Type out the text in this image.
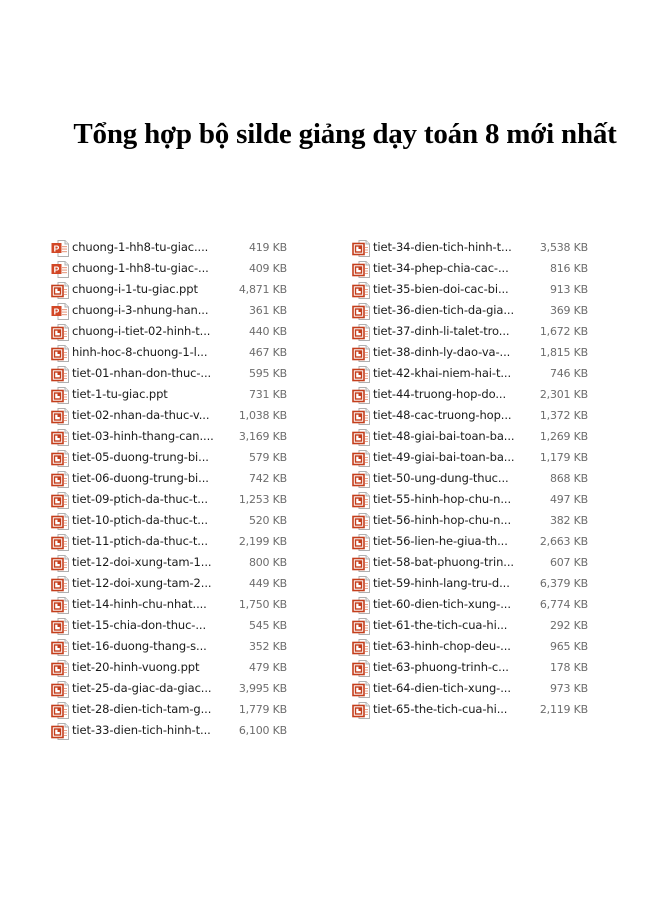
Tổng hợp bộ silde giảng dạy toán 8 mới nhất
P chuong-1-hh8-tu-giac....	419 KB
P chuong-1-hh8-tu-giac-...	409 KB
chuong-i-1-tu-giac.ppt	4,871 KB
P chuong-i-3-nhung-han...	361 KB
chuong-i-tiet-02-hinh-t...	440 KB
hinh-hoc-8-chuong-1-l...	467 KB
tiet-01-nhan-don-thuc-...	595 KB
tiet-1-tu-giac.ppt	731 KB
tiet-02-nhan-da-thuc-v...	1,038 KB
tiet-03-hinh-thang-can.... 3,169 KB
tiet-05-duong-trung-bi...	579 KB
tiet-06-duong-trung-bi...	742 KB
tiet-09-ptich-da-thuc-t...	1,253 KB
tiet-10-ptich-da-thuc-t...	520 KB
tiet-11-ptich-da-thuc-t...	2,199 KB
tiet-12-doi-xung-tam-1...	800 KB
tiet-12-doi-xung-tam-2...	449 KB
tiet-14-hinh-chu-nhat....	1,750 KB
tiet-15-chia-don-thuc-...	545 KB
tiet-16-duong-thang-s...	352 KB
tiet-20-hinh-vuong.ppt	479 KB
tiet-25-da-giac-da-giac... 3,995 KB
tiet-28-dien-tich-tam-g...	1,779 KB
tiet-33-dien-tich-hinh-t...	6,100 KB
tiet-34-dien-tich-hinh-t...	3,538 KB
tiet-34-phep-chia-cac-...	816 KB
tiet-35-bien-doi-cac-bi...	913 KB
tiet-36-dien-tich-da-gia...	369 KB
tiet-37-dinh-li-talet-tro...	1,672 KB
tiet-38-dinh-ly-dao-va-...	1,815 KB
tiet-42-khai-niem-hai-t...	746 KB
tiet-44-truong-hop-do...	2,301 KB
tiet-48-cac-truong-hop...	1,372 KB
tiet-48-giai-bai-toan-ba... 1,269 KB
tiet-49-giai-bai-toan-ba... 1,179 KB
tiet-50-ung-dung-thuc...	868 KB
tiet-55-hinh-hop-chu-n...	497 KB
tiet-56-hinh-hop-chu-n...	382 KB
tiet-56-lien-he-giua-th...	2,663 KB
tiet-58-bat-phuong-trin...	607 KB
tiet-59-hinh-lang-tru-d...	6,379 KB
tiet-60-dien-tich-xung-...	6,774 KB
tiet-61-the-tich-cua-hi...	292 KB
tiet-63-hinh-chop-deu-...	965 KB
tiet-63-phuong-trinh-c...	178 KB
tiet-64-dien-tich-xung-...	973 KB
tiet-65-the-tich-cua-hi...	2,119 KB
